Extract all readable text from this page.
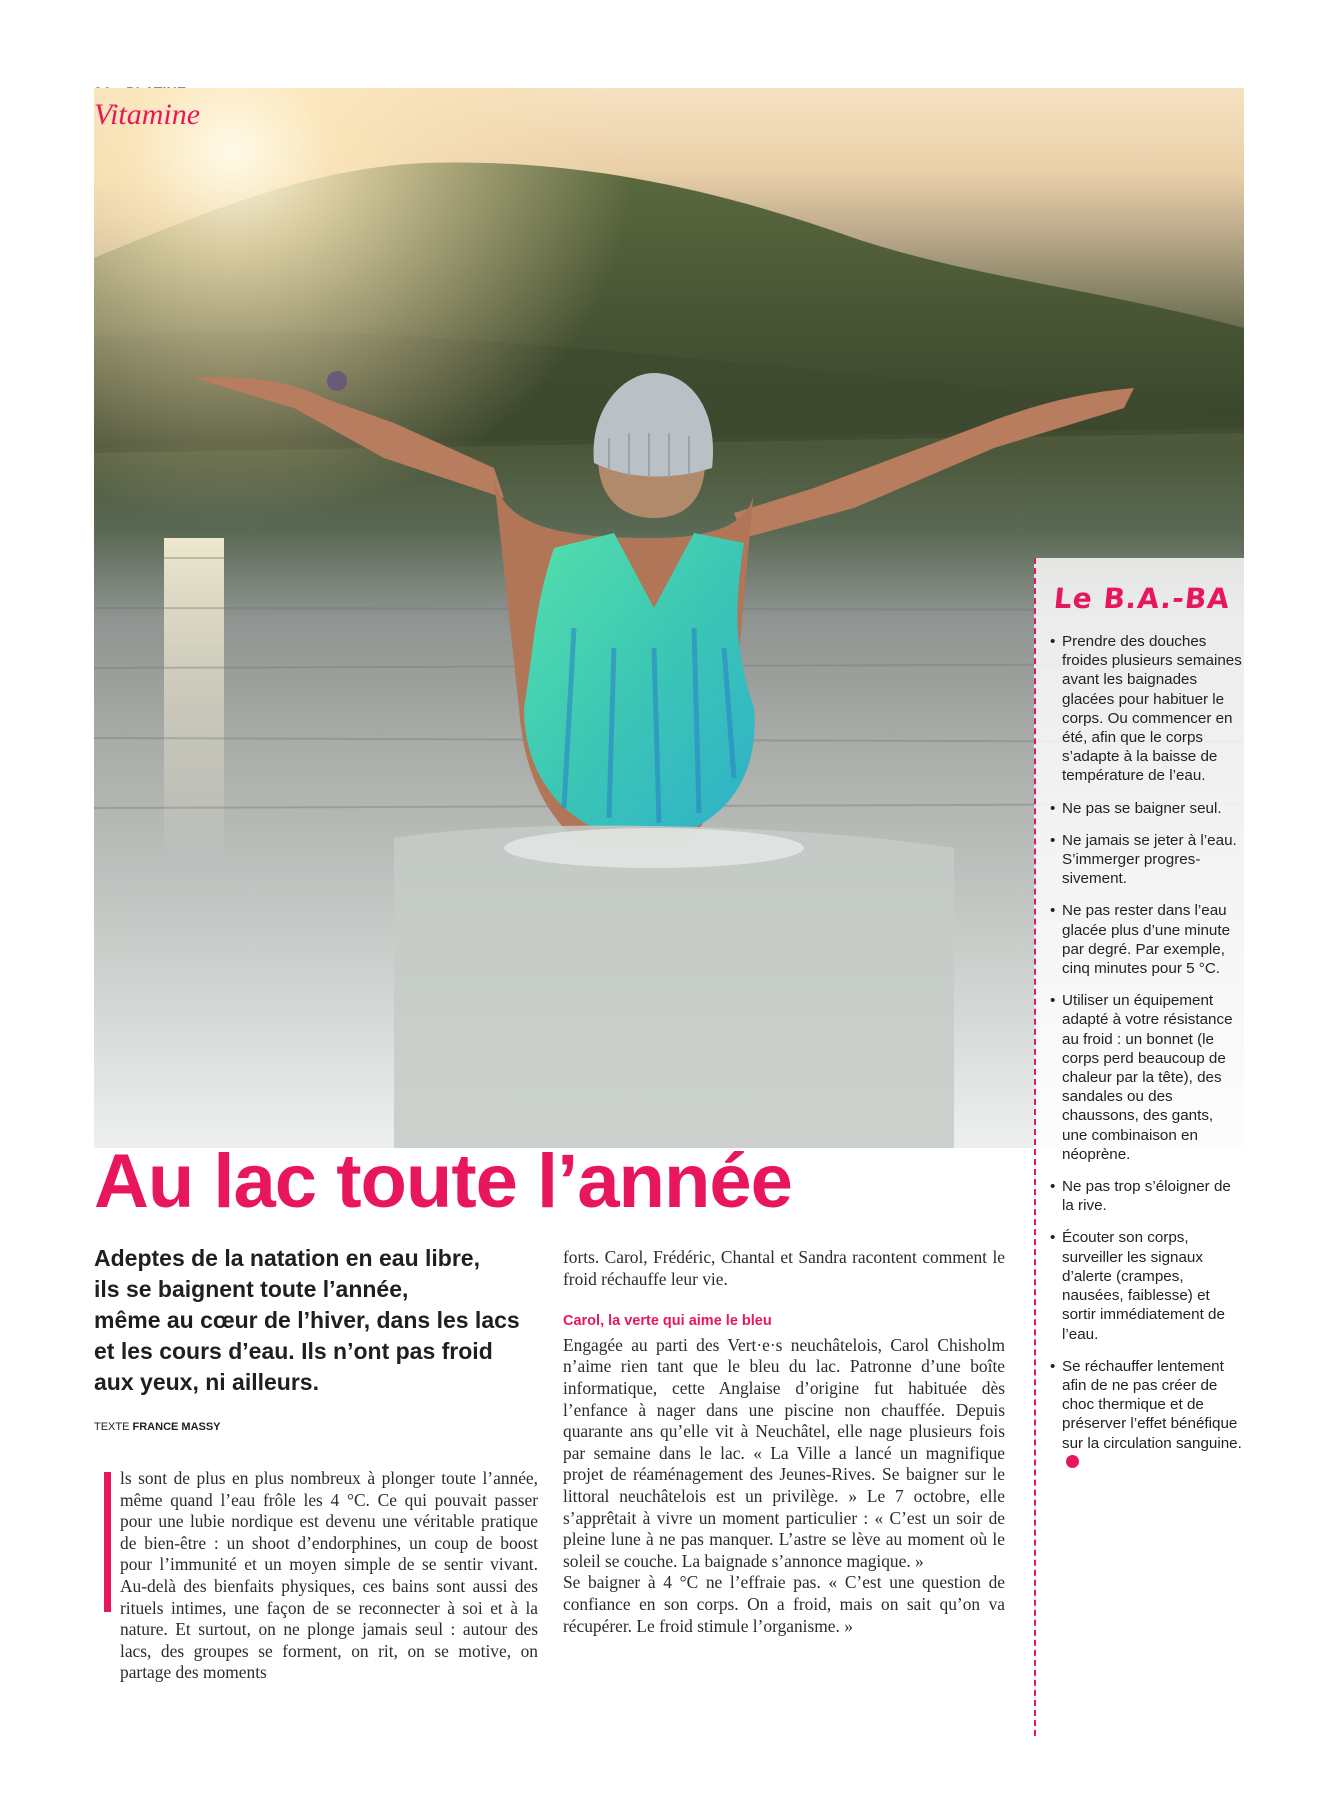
Vitamine
Le B.A.-BA
• Prendre des douches froides plusieurs semaines avant les baignades glacées pour habituer le corps. Ou commencer en été, afin que le corps s’adapte à la baisse de température de l’eau.
• Ne pas se baigner seul.
• Ne jamais se jeter à l’eau. S’immerger progres-sivement.
• Ne pas rester dans l’eau glacée plus d’une minute par degré. Par exemple, cinq minutes pour 5 °C.
• Utiliser un équipement adapté à votre résistance au froid : un bonnet (le corps perd beaucoup de chaleur par la tête), des sandales ou des chaussons, des gants, une combinaison en néoprène.
• Ne pas trop s’éloigner de la rive.
• Écouter son corps, surveiller les signaux d’alerte (crampes, nausées, faiblesse) et sortir immédiatement de l’eau.
• Se réchauffer lentement afin de ne pas créer de choc thermique et de préserver l’effet bénéfique sur la circulation sanguine.
Au lac toute l’année
Adeptes de la natation en eau libre,
ils se baignent toute l’année,
même au cœur de l’hiver, dans les lacs
et les cours d’eau. Ils n’ont pas froid
aux yeux, ni ailleurs.
TEXTE FRANCE MASSY

ls sont de plus en plus nombreux à plonger toute l’année, même quand l’eau frôle les 4 °C. Ce qui pouvait passer pour une lubie nordique est devenu une véritable pratique de bien-être : un shoot d’endorphines, un coup de boost pour l’immunité et un moyen simple de se sentir vivant. Au-delà des bienfaits physiques, ces bains sont aussi des rituels intimes, une façon de se reconnecter à soi et à la nature. Et surtout, on ne plonge jamais seul : autour des lacs, des groupes se forment, on rit, on se motive, on partage des moments

forts. Carol, Frédéric, Chantal et Sandra racontent comment le froid réchauffe leur vie.

Carol, la verte qui aime le bleu

Engagée au parti des Vert·e·s neuchâtelois, Carol Chisholm n’aime rien tant que le bleu du lac. Patronne d’une boîte informatique, cette Anglaise d’origine fut habituée dès l’enfance à nager dans une piscine non chauffée. Depuis quarante ans qu’elle vit à Neuchâtel, elle nage plusieurs fois par semaine dans le lac. « La Ville a lancé un magnifique projet de réaménagement des Jeunes-Rives. Se baigner sur le littoral neuchâtelois est un privilège. » Le 7 octobre, elle s’apprêtait à vivre un moment particulier : « C’est un soir de pleine lune à ne pas manquer. L’astre se lève au moment où le soleil se couche. La baignade s’annonce magique. »

Se baigner à 4 °C ne l’effraie pas. « C’est une question de confiance en son corps. On a froid, mais on sait qu’on va récupérer. Le froid stimule l’organisme. »
